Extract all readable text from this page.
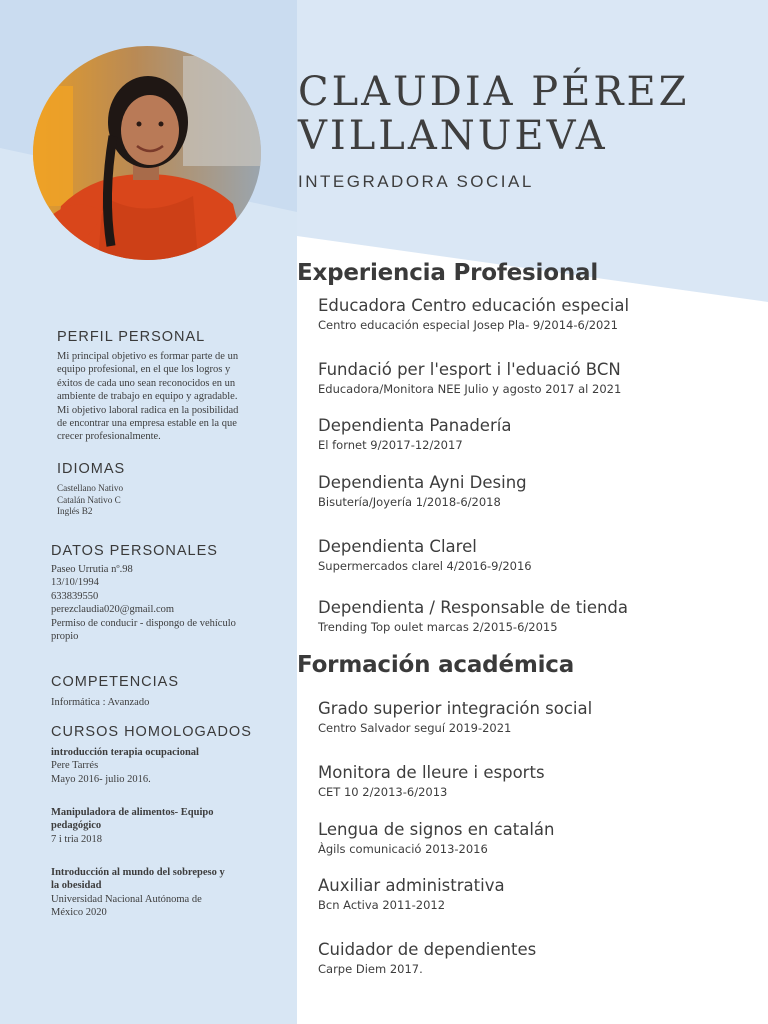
CLAUDIA PÉREZ
VILLANUEVA
INTEGRADORA SOCIAL
PERFIL PERSONAL
Mi principal objetivo es formar parte de un
equipo profesional, en el que los logros y
éxitos de cada uno sean reconocidos en un
ambiente de trabajo en equipo y agradable.
Mi objetivo laboral radica en la posibilidad
de encontrar una empresa estable en la que
crecer profesionalmente.
IDIOMAS
Castellano Nativo
Catalán Nativo C
Inglés B2
DATOS PERSONALES
Paseo Urrutia nº.98
13/10/1994
633839550
perezclaudia020@gmail.com
Permiso de conducir - dispongo de vehículo
propio
COMPETENCIAS
Informática : Avanzado
CURSOS HOMOLOGADOS
introducción terapia ocupacional
Pere Tarrés
Mayo 2016- julio 2016.
Manipuladora de alimentos- Equipo
pedagógico
7 i tria 2018
Introducción al mundo del sobrepeso y
la obesidad
Universidad Nacional Autónoma de
México 2020
Experiencia Profesional
Educadora Centro educación especial
Centro educación especial Josep Pla- 9/2014-6/2021
Fundació per l'esport i l'eduació BCN
Educadora/Monitora NEE Julio y agosto 2017 al 2021
Dependienta Panadería
El fornet 9/2017-12/2017
Dependienta Ayni Desing
Bisutería/Joyería 1/2018-6/2018
Dependienta Clarel
Supermercados clarel 4/2016-9/2016
Dependienta / Responsable de tienda
Trending Top oulet marcas 2/2015-6/2015
Formación académica
Grado superior integración social
Centro Salvador seguí 2019-2021
Monitora de lleure i esports
CET 10 2/2013-6/2013
Lengua de signos en catalán
Àgils comunicació 2013-2016
Auxiliar administrativa
Bcn Activa 2011-2012
Cuidador de dependientes
Carpe Diem 2017.
